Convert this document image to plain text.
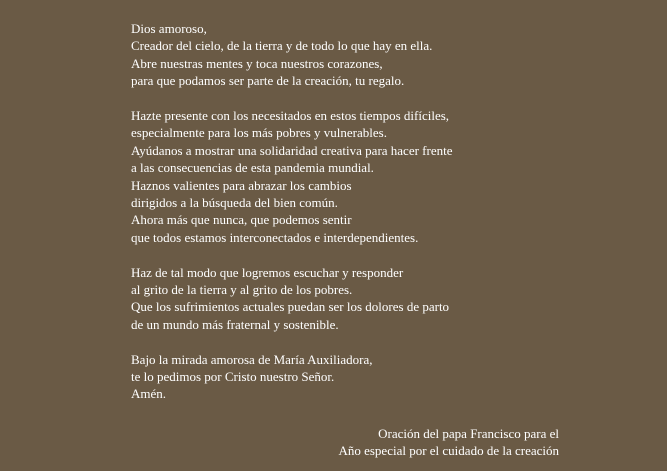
Dios amoroso,
Creador del cielo, de la tierra y de todo lo que hay en ella.
Abre nuestras mentes y toca nuestros corazones,
para que podamos ser parte de la creación, tu regalo.
Hazte presente con los necesitados en estos tiempos difíciles,
especialmente para los más pobres y vulnerables.
Ayúdanos a mostrar una solidaridad creativa para hacer frente
a las consecuencias de esta pandemia mundial.
Haznos valientes para abrazar los cambios
dirigidos a la búsqueda del bien común.
Ahora más que nunca, que podemos sentir
que todos estamos interconectados e interdependientes.
Haz de tal modo que logremos escuchar y responder
al grito de la tierra y al grito de los pobres.
Que los sufrimientos actuales puedan ser los dolores de parto
de un mundo más fraternal y sostenible.
Bajo la mirada amorosa de María Auxiliadora,
te lo pedimos por Cristo nuestro Señor.
Amén.
Oración del papa Francisco para el
Año especial por el cuidado de la creación
